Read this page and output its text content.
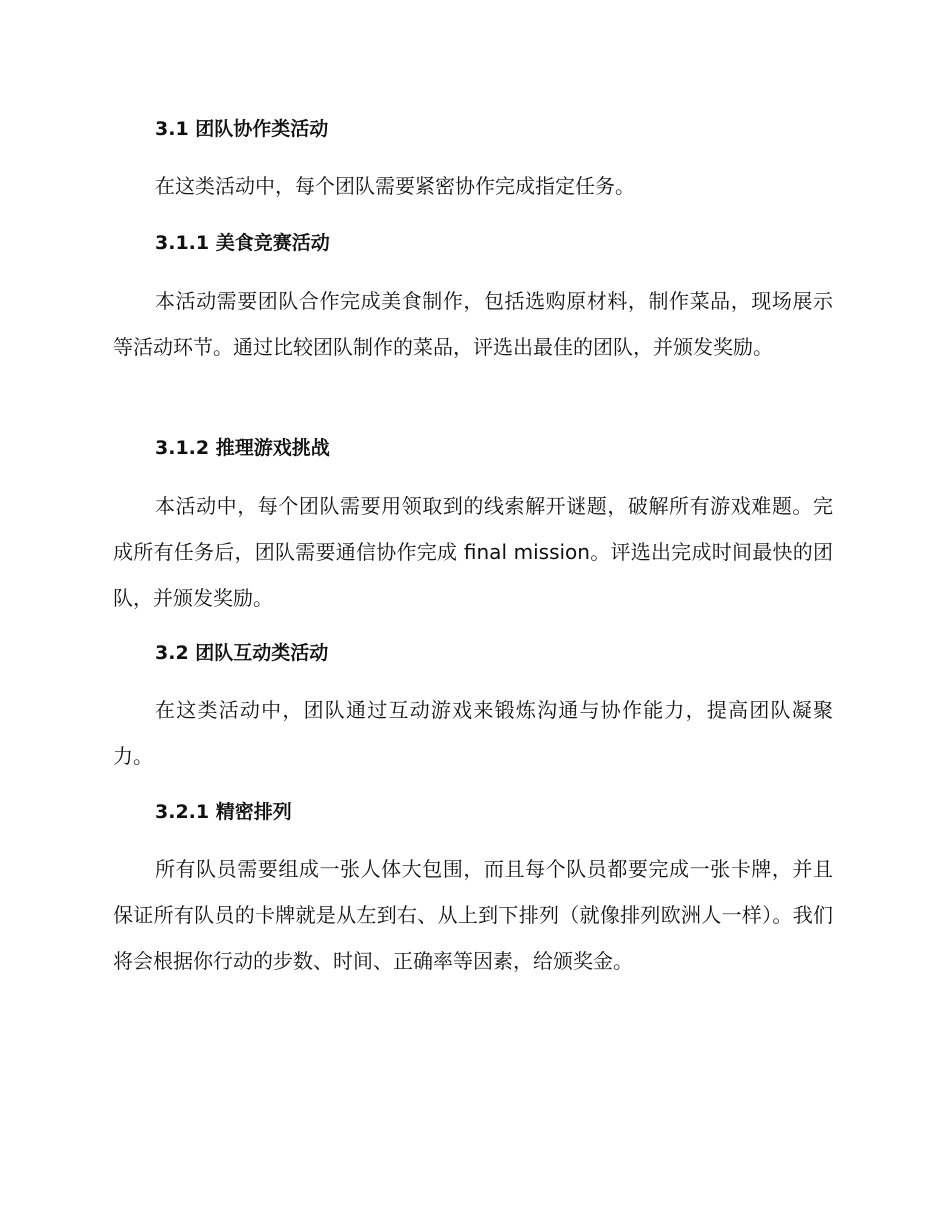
3.1 团队协作类活动

在这类活动中，每个团队需要紧密协作完成指定任务。

3.1.1 美食竞赛活动

本活动需要团队合作完成美食制作，包括选购原材料，制作菜品，现场展示等活动环节。通过比较团队制作的菜品，评选出最佳的团队，并颁发奖励。

3.1.2 推理游戏挑战

本活动中，每个团队需要用领取到的线索解开谜题，破解所有游戏难题。完成所有任务后，团队需要通信协作完成 final mission。评选出完成时间最快的团队，并颁发奖励。

3.2 团队互动类活动

在这类活动中，团队通过互动游戏来锻炼沟通与协作能力，提高团队凝聚力。

3.2.1 精密排列

所有队员需要组成一张人体大包围，而且每个队员都要完成一张卡牌，并且保证所有队员的卡牌就是从左到右、从上到下排列（就像排列欧洲人一样）。我们将会根据你行动的步数、时间、正确率等因素，给颁奖金。
